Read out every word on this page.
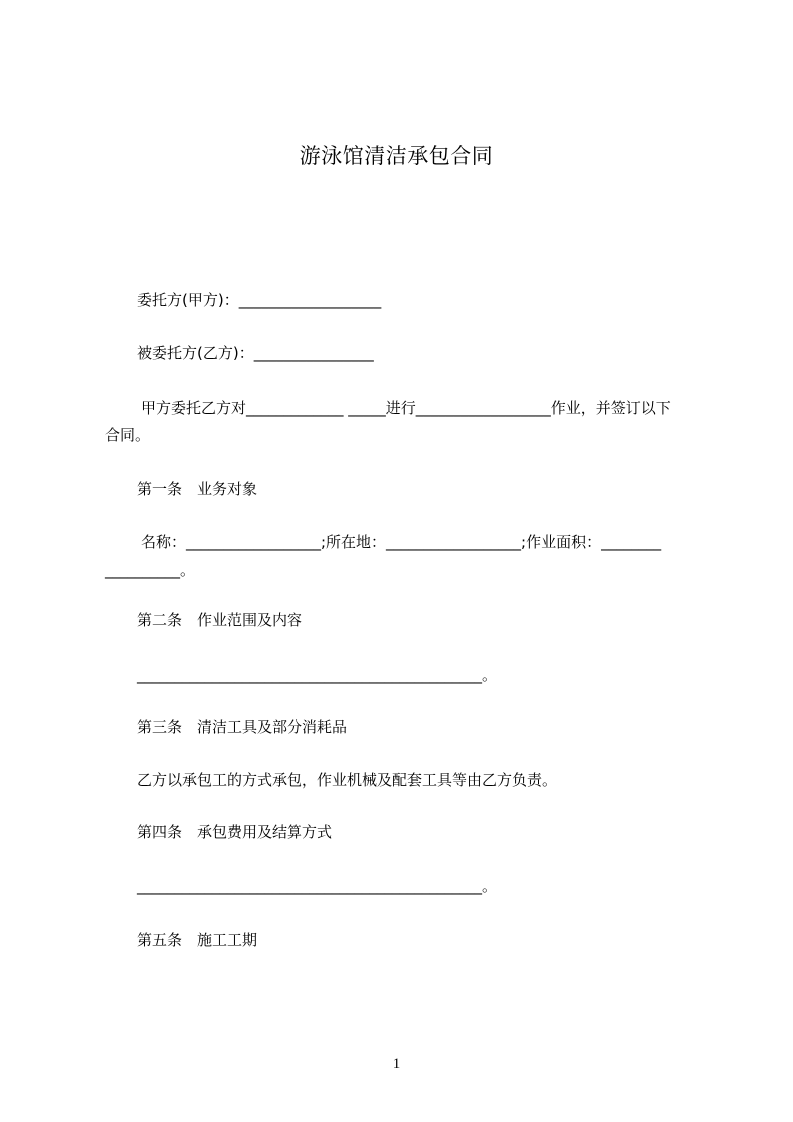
游泳馆清洁承包合同
委托方(甲方)：___________________
被委托方(乙方)：________________
甲方委托乙方对_____________ _____进行__________________作业，并签订以下
合同。
第一条　业务对象
名称：__________________;所在地：__________________;作业面积：________
__________。
第二条　作业范围及内容
______________________________________________。
第三条　清洁工具及部分消耗品
乙方以承包工的方式承包，作业机械及配套工具等由乙方负责。
第四条　承包费用及结算方式
______________________________________________。
第五条　施工工期
1
